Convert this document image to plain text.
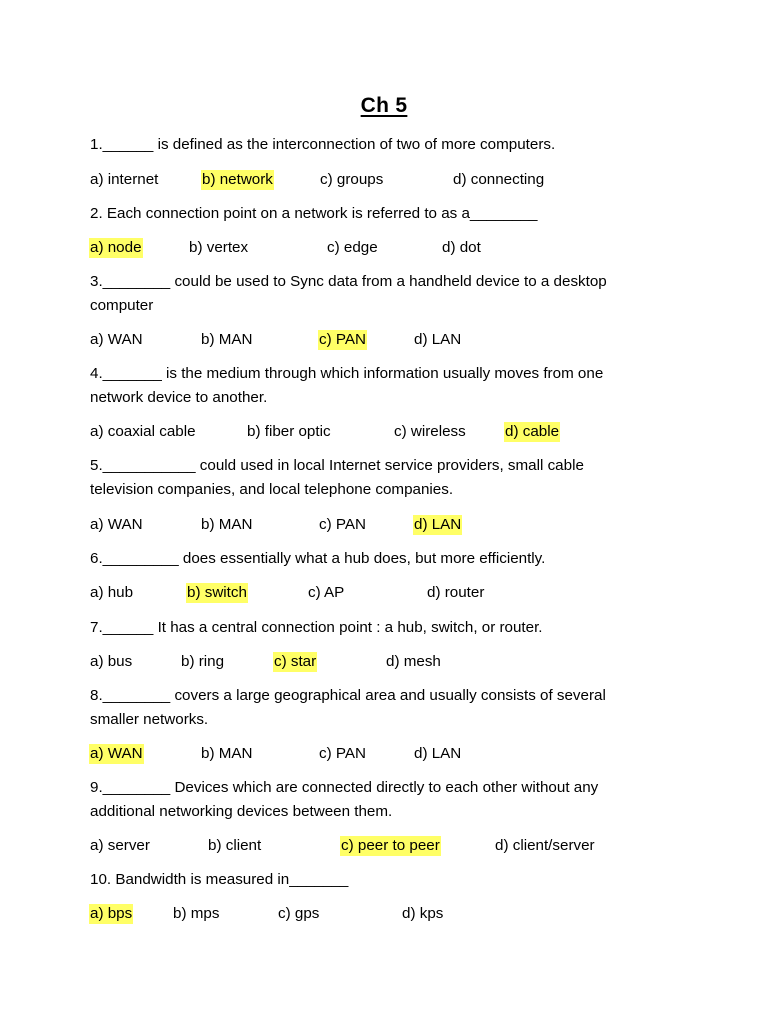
Ch 5
1.______ is defined as the interconnection of two of more computers.
a) internet	b) network	c) groups	d) connecting
2. Each connection point on a network is referred to as a________
a) node	b) vertex	c) edge	d) dot
3.________ could be used to Sync data from a handheld device to a desktop
computer
a) WAN	b) MAN	c) PAN	d) LAN
4._______ is the medium through which information usually moves from one
network device to another.
a) coaxial cable	b) fiber optic	c) wireless	d) cable
5.___________ could used in local Internet service providers, small cable
television companies, and local telephone companies.
a) WAN	b) MAN	c) PAN	d) LAN
6._________ does essentially what a hub does, but more efficiently.
a) hub	b) switch	c) AP	d) router
7.______ It has a central connection point : a hub, switch, or router.
a) bus	b) ring	c) star	d) mesh
8.________ covers a large geographical area and usually consists of several
smaller networks.
a) WAN	b) MAN	c) PAN	d) LAN
9.________ Devices which are connected directly to each other without any
additional networking devices between them.
a) server	b) client	c) peer to peer	d) client/server
10. Bandwidth is measured in_______
a) bps	b) mps	c) gps	d) kps
